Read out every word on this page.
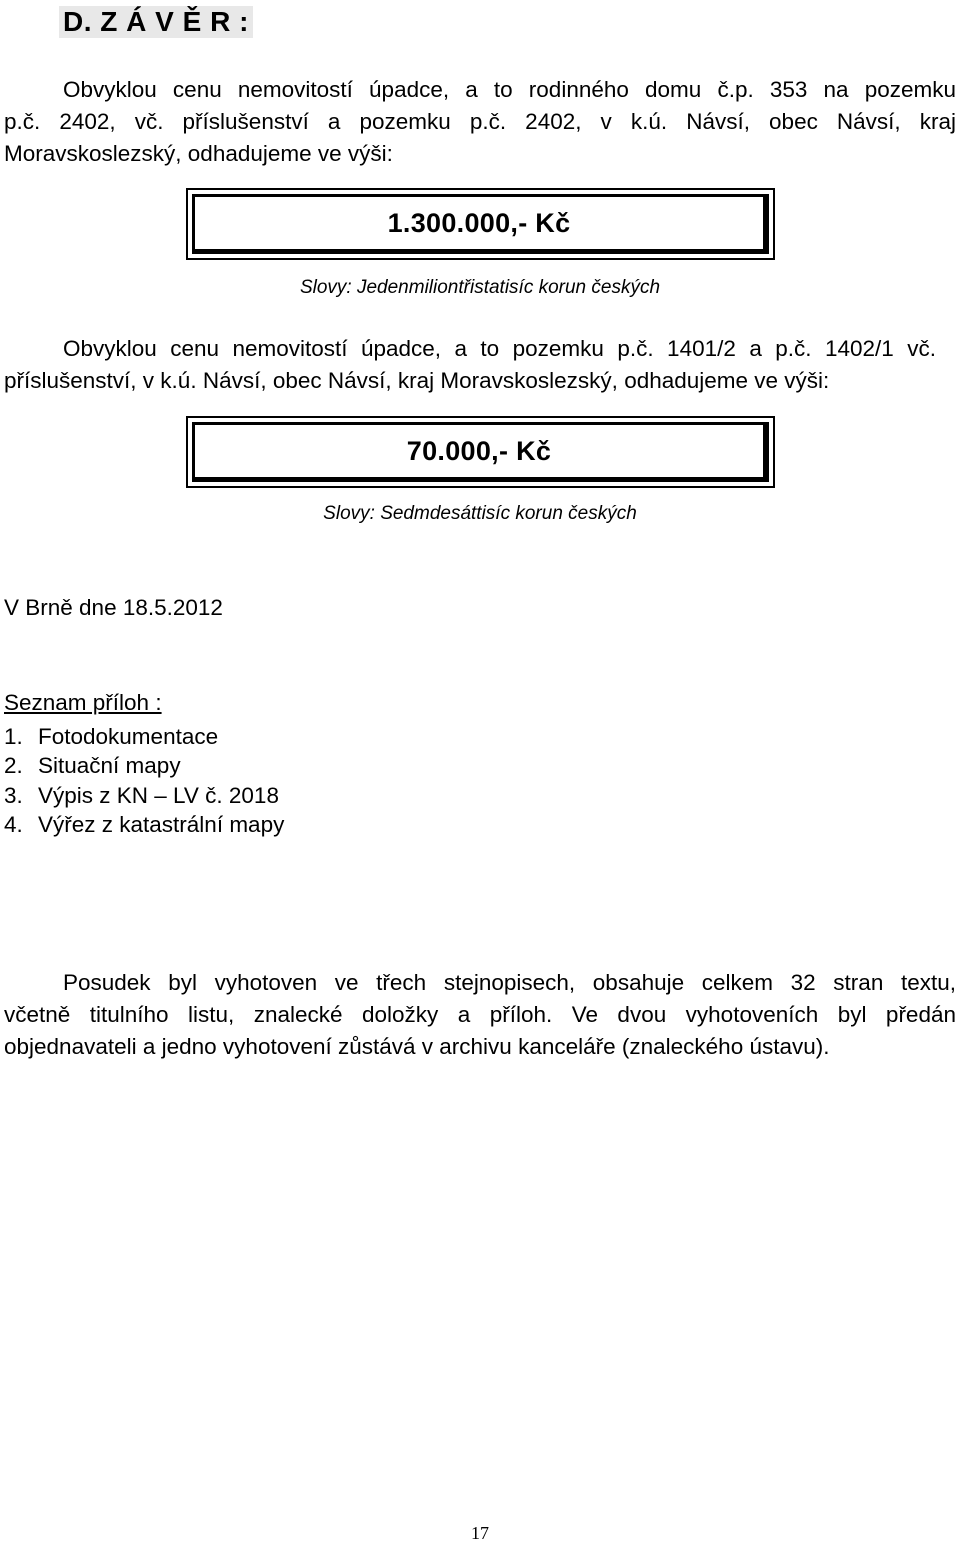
D. Z Á V Ě R :
Obvyklou cenu nemovitostí úpadce, a to rodinného domu č.p. 353 na pozemku
p.č. 2402, vč. příslušenství a pozemku p.č. 2402, v k.ú. Návsí, obec Návsí, kraj
Moravskoslezský, odhadujeme ve výši:
1.300.000,- Kč
Slovy: Jedenmiliontřistatisíc korun českých
Obvyklou cenu nemovitostí úpadce, a to pozemku p.č. 1401/2 a p.č. 1402/1 vč.
příslušenství, v k.ú. Návsí, obec Návsí, kraj Moravskoslezský, odhadujeme ve výši:
70.000,- Kč
Slovy: Sedmdesáttisíc korun českých
V Brně dne 18.5.2012
Seznam příloh :
1. Fotodokumentace
2. Situační mapy
3. Výpis z KN – LV č. 2018
4. Výřez z katastrální mapy
Posudek byl vyhotoven ve třech stejnopisech, obsahuje celkem 32 stran textu,
včetně titulního listu, znalecké doložky a příloh. Ve dvou vyhotoveních byl předán
objednavateli a jedno vyhotovení zůstává v archivu kanceláře (znaleckého ústavu).
17
